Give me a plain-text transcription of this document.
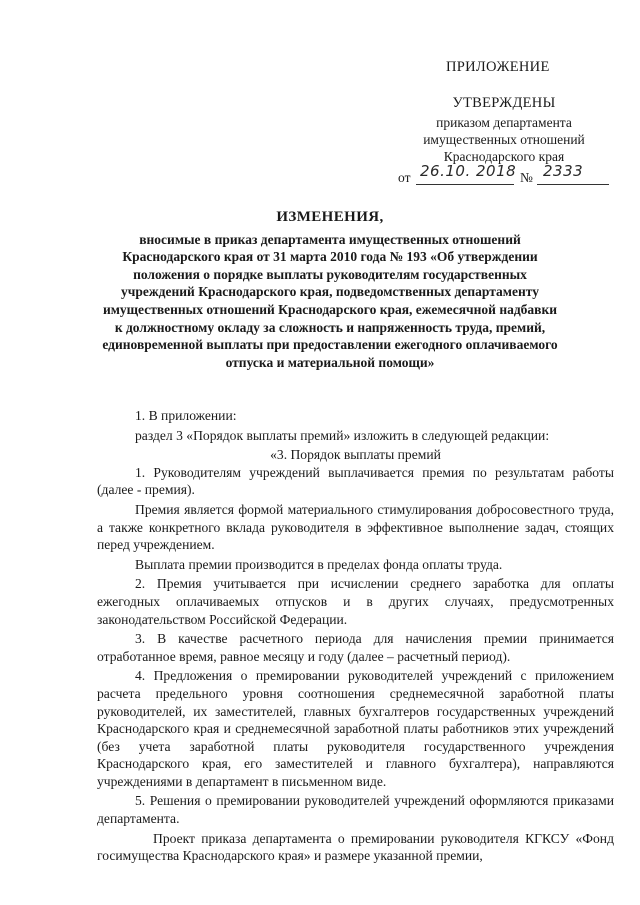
ПРИЛОЖЕНИЕ
УТВЕРЖДЕНЫ
приказом департамента
имущественных отношений
Краснодарского края
от 26.10. 2018 № 2333
ИЗМЕНЕНИЯ,
вносимые в приказ департамента имущественных отношений
Краснодарского края от 31 марта 2010 года № 193 «Об утверждении
положения о порядке выплаты руководителям государственных
учреждений Краснодарского края, подведомственных департаменту
имущественных отношений Краснодарского края, ежемесячной надбавки
к должностному окладу за сложность и напряженность труда, премий,
единовременной выплаты при предоставлении ежегодного оплачиваемого
отпуска и материальной помощи»

1. В приложении:

раздел 3 «Порядок выплаты премий» изложить в следующей редакции:

«3. Порядок выплаты премий

1. Руководителям учреждений выплачивается премия по результатам работы (далее - премия).

Премия является формой материального стимулирования добросовестного труда, а также конкретного вклада руководителя в эффективное выполнение задач, стоящих перед учреждением.

Выплата премии производится в пределах фонда оплаты труда.

2. Премия учитывается при исчислении среднего заработка для оплаты ежегодных оплачиваемых отпусков и в других случаях, предусмотренных законодательством Российской Федерации.

3. В качестве расчетного периода для начисления премии принимается отработанное время, равное месяцу и году (далее – расчетный период).

4. Предложения о премировании руководителей учреждений с приложением расчета предельного уровня соотношения среднемесячной заработной платы руководителей, их заместителей, главных бухгалтеров государственных учреждений Краснодарского края и среднемесячной заработной платы работников этих учреждений (без учета заработной платы руководителя государственного учреждения Краснодарского края, его заместителей и главного бухгалтера), направляются учреждениями в департамент в письменном виде.

5. Решения о премировании руководителей учреждений оформляются приказами департамента.

Проект приказа департамента о премировании руководителя КГКСУ «Фонд госимущества Краснодарского края» и размере указанной премии,
